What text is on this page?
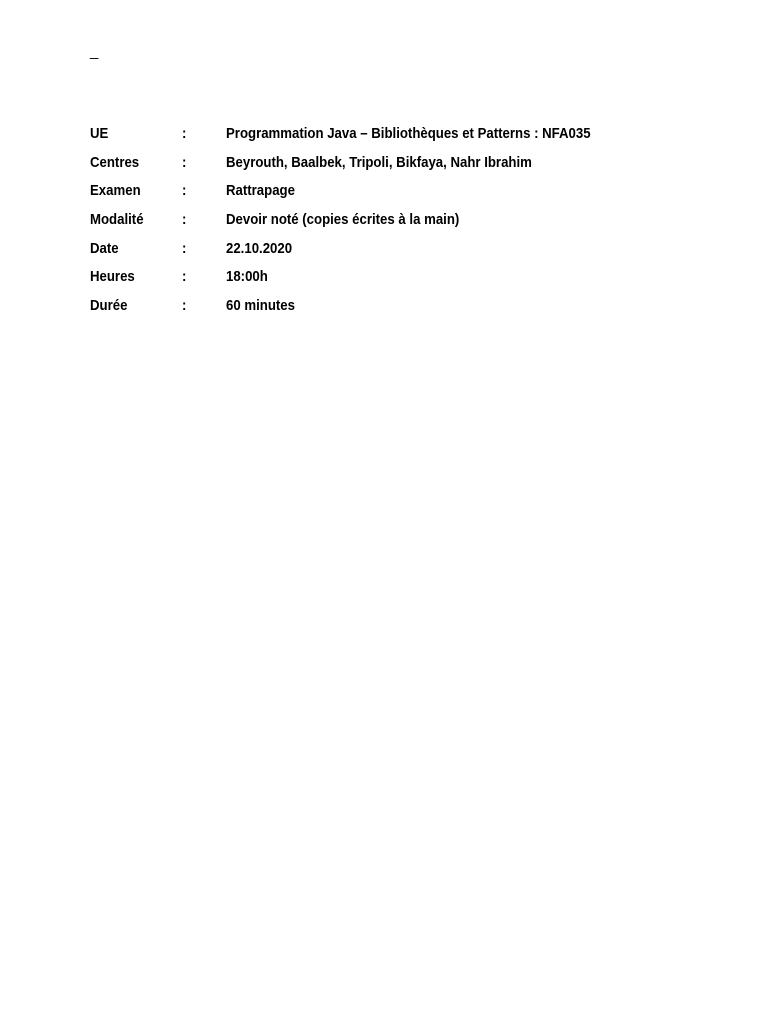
_
UE	:	Programmation Java – Bibliothèques et Patterns : NFA035
Centres	:	Beyrouth, Baalbek, Tripoli, Bikfaya, Nahr Ibrahim
Examen	:	Rattrapage
Modalité	:	Devoir noté (copies écrites à la main)
Date	:	22.10.2020
Heures	:	18:00h
Durée	:	60 minutes
